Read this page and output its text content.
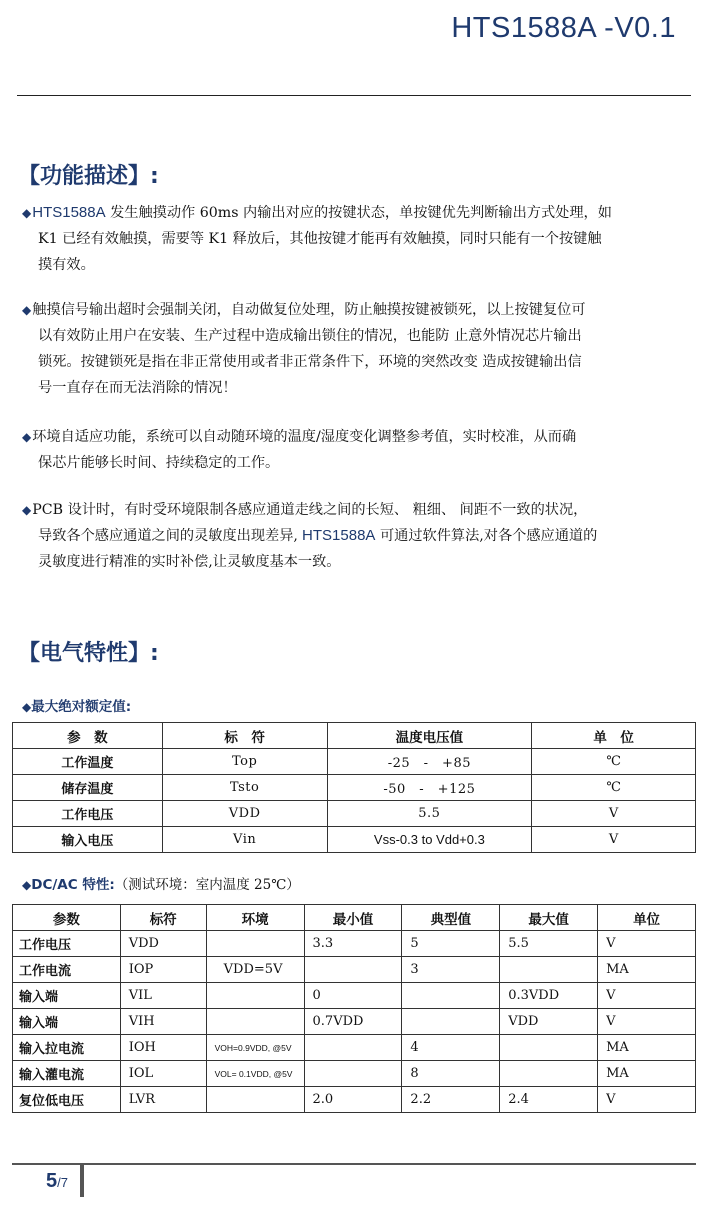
HTS1588A -V0.1
【功能描述】:
◆HTS1588A 发生触摸动作 60ms 内输出对应的按键状态，单按键优先判断输出方式处理，如
K1 已经有效触摸，需要等 K1 释放后，其他按键才能再有效触摸，同时只能有一个按键触
摸有效。
◆触摸信号输出超时会强制关闭，自动做复位处理，防止触摸按键被锁死，以上按键复位可
以有效防止用户在安装、生产过程中造成输出锁住的情况，也能防 止意外情况芯片输出
锁死。按键锁死是指在非正常使用或者非正常条件下，环境的突然改变 造成按键输出信
号一直存在而无法消除的情况！
◆环境自适应功能，系统可以自动随环境的温度/湿度变化调整参考值，实时校准，从而确
保芯片能够长时间、持续稳定的工作。
◆PCB 设计时，有时受环境限制各感应通道走线之间的长短、 粗细、 间距不一致的状况，
导致各个感应通道之间的灵敏度出现差异, HTS1588A 可通过软件算法,对各个感应通道的
灵敏度进行精准的实时补偿,让灵敏度基本一致。
【电气特性】:
◆最大绝对额定值:
参　数	标　符	温度电压值	单　位
工作温度	Top	-25　-　+85	℃
储存温度	Tsto	-50　-　+125	℃
工作电压	VDD	5.5	V
输入电压	Vin	Vss-0.3 to Vdd+0.3	V
◆DC/AC 特性:（测试环境：室内温度 25℃）
参数	标符	环境	最小值	典型值	最大值	单位
工作电压	VDD		3.3	5	5.5	V
工作电流	IOP	VDD=5V		3		MA
输入端	VIL		0		0.3VDD	V
输入端	VIH		0.7VDD		VDD	V
输入拉电流	IOH	VOH=0.9VDD, @5V		4		MA
输入灌电流	IOL	VOL= 0.1VDD, @5V		8		MA
复位低电压	LVR		2.0	2.2	2.4	V
5/7
